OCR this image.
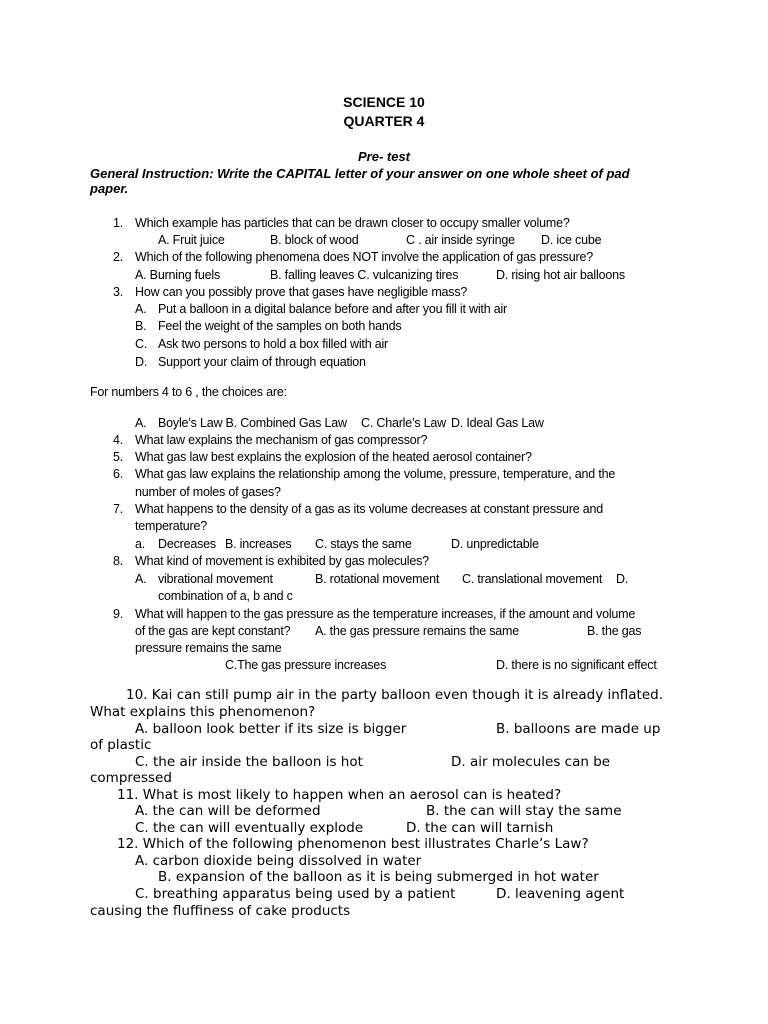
SCIENCE 10
QUARTER 4
Pre- test
General Instruction: Write the CAPITAL letter of your answer on one whole sheet of pad
paper.
1. Which example has particles that can be drawn closer to occupy smaller volume?
A. Fruit juice	B. block of wood	C . air inside syringe D. ice cube
2. Which of the following phenomena does NOT involve the application of gas pressure?
A. Burning fuels	B. falling leaves C. vulcanizing tires	D. rising hot air balloons
3. How can you possibly prove that gases have negligible mass?
A. Put a balloon in a digital balance before and after you fill it with air
B. Feel the weight of the samples on both hands
C. Ask two persons to hold a box filled with air
D. Support your claim of through equation
For numbers 4 to 6 , the choices are:
A. Boyle’s Law B. Combined Gas Law C. Charle’s Law D. Ideal Gas Law
4. What law explains the mechanism of gas compressor?
5. What gas law best explains the explosion of the heated aerosol container?
6. What gas law explains the relationship among the volume, pressure, temperature, and the
number of moles of gases?
7. What happens to the density of a gas as its volume decreases at constant pressure and
temperature?
a. Decreases B. increases C. stays the same	D. unpredictable
8. What kind of movement is exhibited by gas molecules?
A. vibrational movement	B. rotational movement C. translational movement D.
combination of a, b and c
9. What will happen to the gas pressure as the temperature increases, if the amount and volume
of the gas are kept constant? A. the gas pressure remains the same	B. the gas
pressure remains the same
C.The gas pressure increases	D. there is no significant effect
10. Kai can still pump air in the party balloon even though it is already inflated.
What explains this phenomenon?
A. balloon look better if its size is bigger	B. balloons are made up
of plastic
C. the air inside the balloon is hot	D. air molecules can be
compressed
11. What is most likely to happen when an aerosol can is heated?
A. the can will be deformed	B. the can will stay the same
C. the can will eventually explode	D. the can will tarnish
12. Which of the following phenomenon best illustrates Charle’s Law?
A. carbon dioxide being dissolved in water
B. expansion of the balloon as it is being submerged in hot water
C. breathing apparatus being used by a patient	D. leavening agent
causing the fluffiness of cake products
